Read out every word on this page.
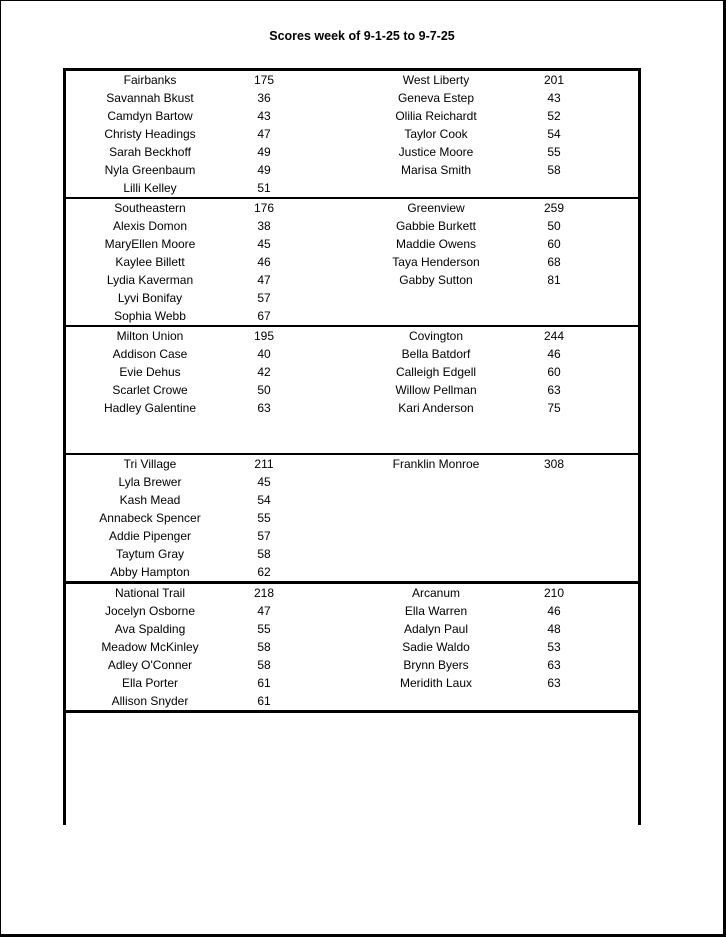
Scores week of 9-1-25 to 9-7-25
Fairbanks	175	West Liberty	201
Savannah Bkust	36	Geneva Estep	43
Camdyn Bartow	43	Olilia Reichardt	52
Christy Headings	47	Taylor Cook	54
Sarah Beckhoff	49	Justice Moore	55
Nyla Greenbaum	49	Marisa Smith	58
Lilli Kelley	51
Southeastern	176	Greenview	259
Alexis Domon	38	Gabbie Burkett	50
MaryEllen Moore	45	Maddie Owens	60
Kaylee Billett	46	Taya Henderson	68
Lydia Kaverman	47	Gabby Sutton	81
Lyvi Bonifay	57
Sophia Webb	67
Milton Union	195	Covington	244
Addison Case	40	Bella Batdorf	46
Evie Dehus	42	Calleigh Edgell	60
Scarlet Crowe	50	Willow Pellman	63
Hadley Galentine	63	Kari Anderson	75
Tri Village	211	Franklin Monroe	308
Lyla Brewer	45
Kash Mead	54
Annabeck Spencer	55
Addie Pipenger	57
Taytum Gray	58
Abby Hampton	62
National Trail	218	Arcanum	210
Jocelyn Osborne	47	Ella Warren	46
Ava Spalding	55	Adalyn Paul	48
Meadow McKinley	58	Sadie Waldo	53
Adley O'Conner	58	Brynn Byers	63
Ella Porter	61	Meridith Laux	63
Allison Snyder	61
